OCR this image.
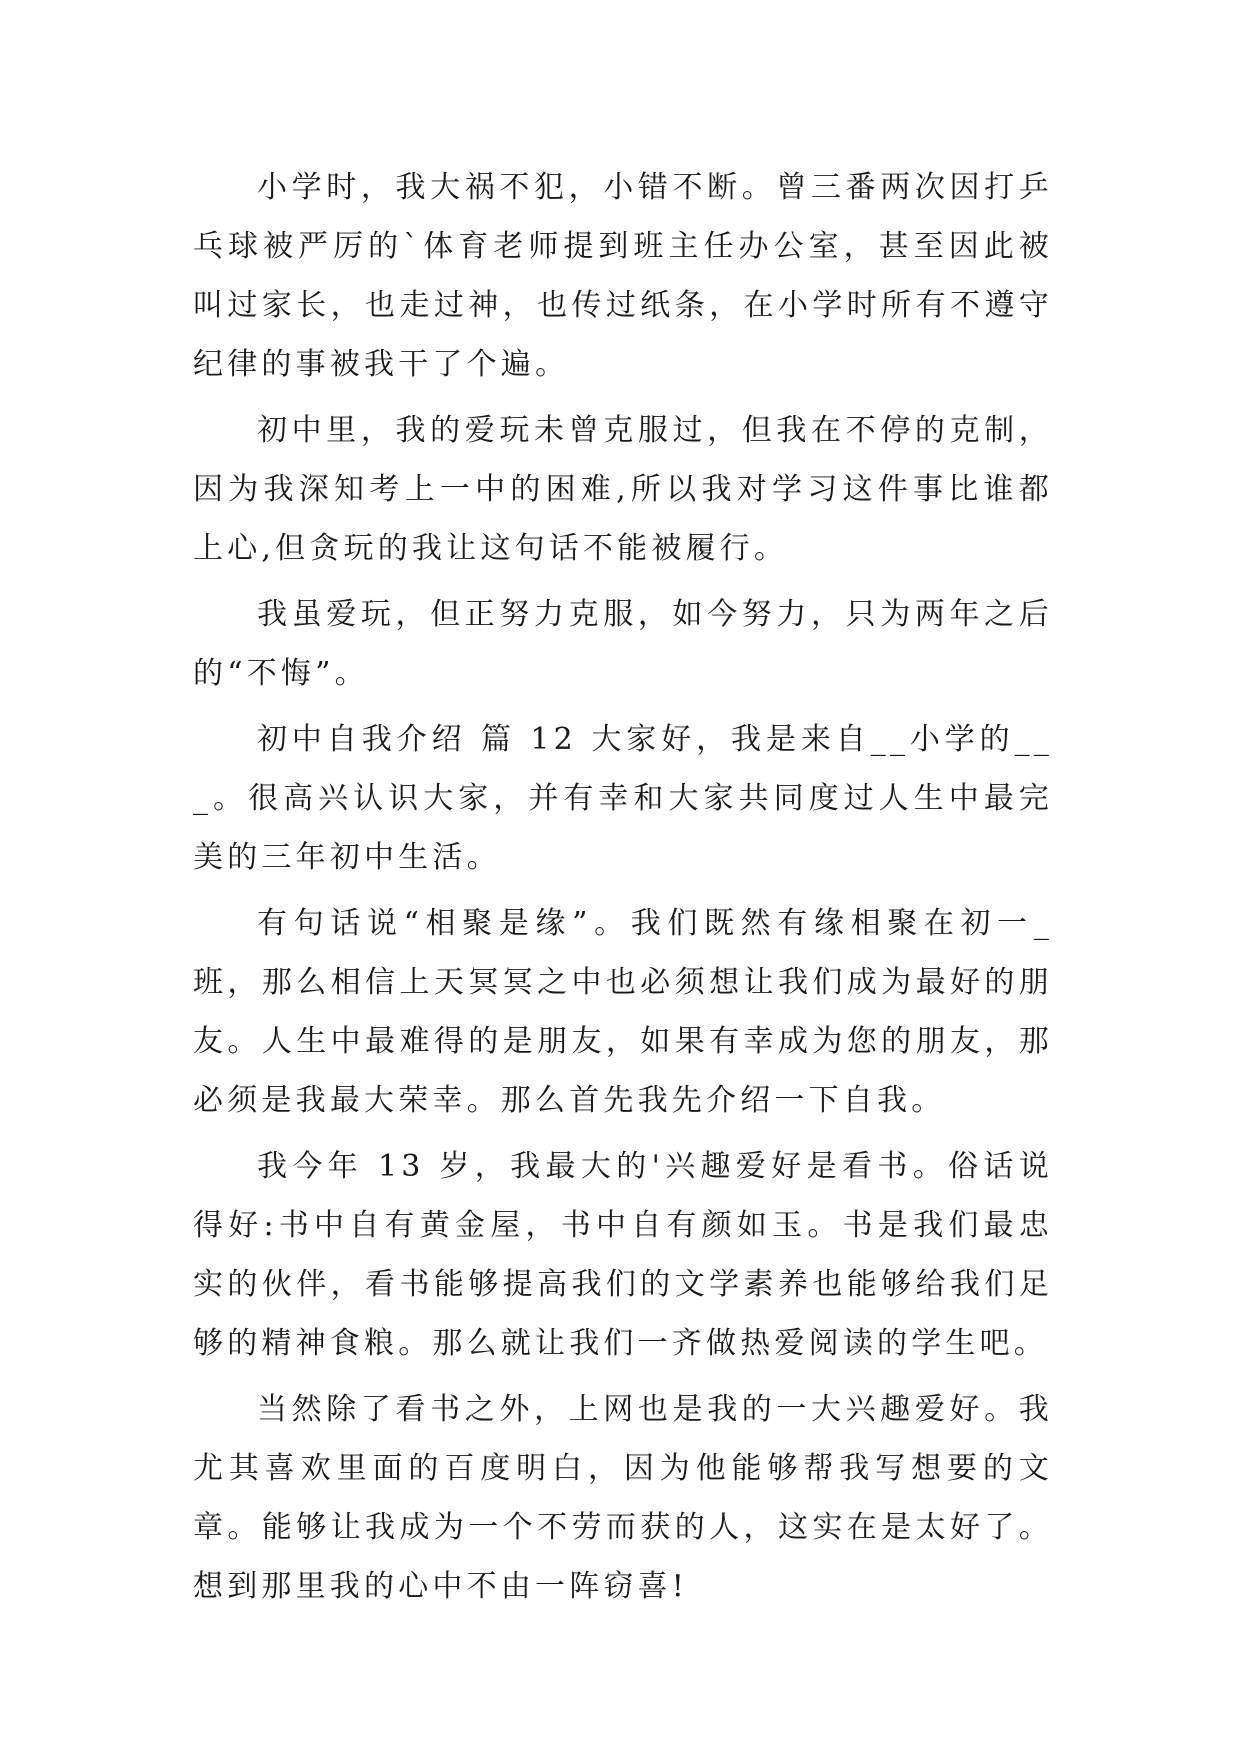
小学时，我大祸不犯，小错不断。曾三番两次因打乒乓球被严厉的`体育老师提到班主任办公室，甚至因此被叫过家长，也走过神，也传过纸条，在小学时所有不遵守纪律的事被我干了个遍。

初中里，我的爱玩未曾克服过，但我在不停的克制，因为我深知考上一中的困难,所以我对学习这件事比谁都上心,但贪玩的我让这句话不能被履行。

我虽爱玩，但正努力克服，如今努力，只为两年之后的“不悔”。

初中自我介绍 篇 12 大家好，我是来自__小学的___。很高兴认识大家，并有幸和大家共同度过人生中最完美的三年初中生活。

有句话说“相聚是缘”。我们既然有缘相聚在初一_班，那么相信上天冥冥之中也必须想让我们成为最好的朋友。人生中最难得的是朋友，如果有幸成为您的朋友，那必须是我最大荣幸。那么首先我先介绍一下自我。

我今年 13 岁，我最大的'兴趣爱好是看书。俗话说得好:书中自有黄金屋，书中自有颜如玉。书是我们最忠实的伙伴，看书能够提高我们的文学素养也能够给我们足够的精神食粮。那么就让我们一齐做热爱阅读的学生吧。

当然除了看书之外，上网也是我的一大兴趣爱好。我尤其喜欢里面的百度明白，因为他能够帮我写想要的文章。能够让我成为一个不劳而获的人，这实在是太好了。想到那里我的心中不由一阵窃喜!
